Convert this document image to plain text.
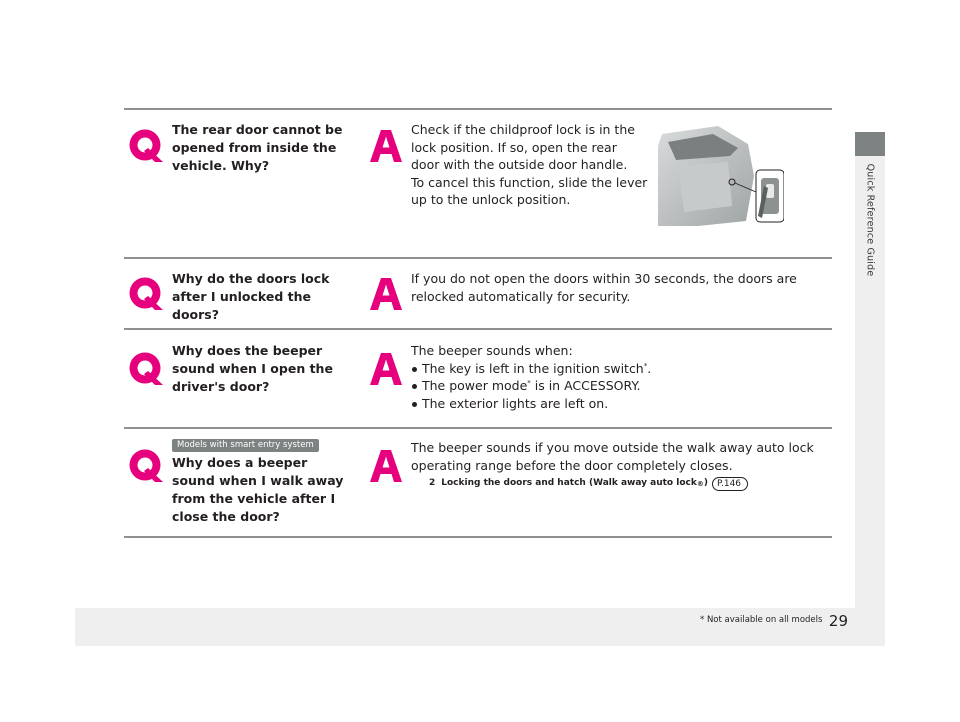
Quick Reference Guide
* Not available on all models 29
The rear door cannot be opened from inside the vehicle. Why?
Check if the childproof lock is in the
lock position. If so, open the rear
door with the outside door handle.
To cancel this function, slide the lever
up to the unlock position.
Why do the doors lock after I unlocked the doors?
If you do not open the doors within 30 seconds, the doors are
relocked automatically for security.
Why does the beeper sound when I open the driver's door?
The beeper sounds when:
The key is left in the ignition switch*.
The power mode* is in ACCESSORY.
The exterior lights are left on.
Models with smart entry system
Why does a beeper sound when I walk away from the vehicle after I close the door?
The beeper sounds if you move outside the walk away auto lock
operating range before the door completely closes.
2 Locking the doors and hatch (Walk away auto lock ® )	P.146
